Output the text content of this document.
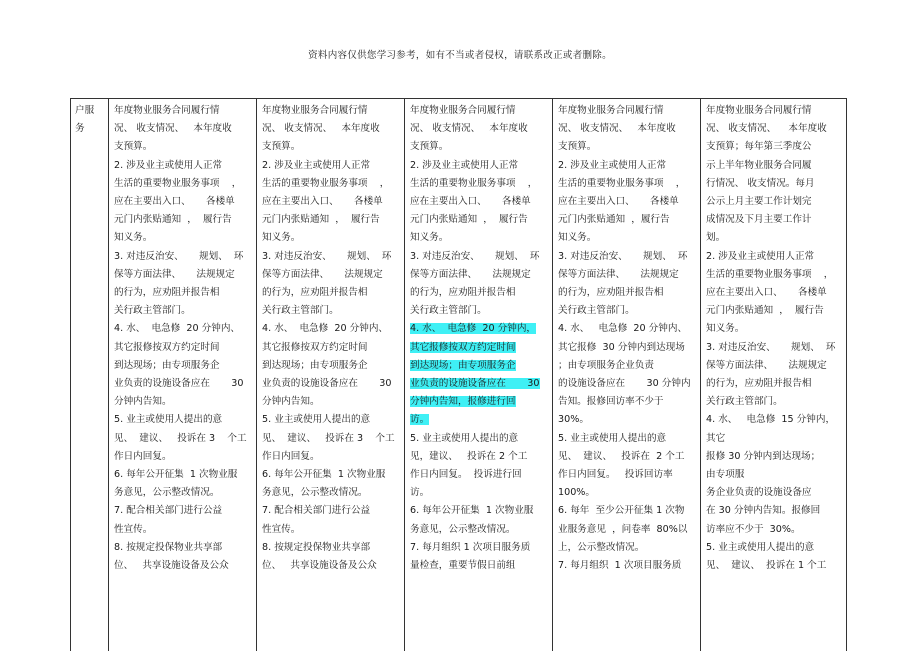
资料内容仅供您学习参考，如有不当或者侵权，请联系改正或者删除。
户服
务

年度物业服务合同履行情
况、 收支情况、   本年度收
支预算。
2. 涉及业主或使用人正常
生活的重要物业服务事项    ，
应在主要出入口、     各楼单
元门内张贴通知  ，  履行告
知义务。
3. 对违反治安、     规划、  环
保等方面法律、     法规规定
的行为，应劝阻并报告相
关行政主管部门。
4. 水、  电急修  20 分钟内、
其它报修按双方约定时间
到达现场；由专项服务企
业负责的设施设备应在       30
分钟内告知。
5. 业主或使用人提出的意
见、  建议、   投诉在 3    个工
作日内回复。
6. 每年公开征集  1 次物业服
务意见，公示整改情况。
7. 配合相关部门进行公益
性宣传。
8. 按规定投保物业共享部
位、   共享设施设备及公众

年度物业服务合同履行情
况、 收支情况、   本年度收
支预算。
2. 涉及业主或使用人正常
生活的重要物业服务事项    ，
应在主要出入口、     各楼单
元门内张贴通知  ，  履行告
知义务。
3. 对违反治安、     规划、  环
保等方面法律、     法规规定
的行为，应劝阻并报告相
关行政主管部门。
4. 水、  电急修  20 分钟内、
其它报修按双方约定时间
到达现场；由专项服务企
业负责的设施设备应在       30
分钟内告知。
5. 业主或使用人提出的意
见、  建议、   投诉在 3    个工
作日内回复。
6. 每年公开征集  1 次物业服
务意见，公示整改情况。
7. 配合相关部门进行公益
性宣传。
8. 按规定投保物业共享部
位、   共享设施设备及公众

年度物业服务合同履行情
况、 收支情况、   本年度收
支预算。
2. 涉及业主或使用人正常
生活的重要物业服务事项    ，
应在主要出入口、     各楼单
元门内张贴通知  ，  履行告
知义务。
3. 对违反治安、     规划、  环
保等方面法律、     法规规定
的行为，应劝阻并报告相
关行政主管部门。
4. 水、  电急修  20 分钟内，
其它报修按双方约定时间
到达现场；由专项服务企
业负责的设施设备应在       30
分钟内告知，报修进行回
访。
5. 业主或使用人提出的意
见，建议、   投诉在 2 个工
作日内回复。  投诉进行回
访。
6. 每年公开征集  1 次物业服
务意见，公示整改情况。
7. 每月组织 1 次项目服务质
量检查，重要节假日前组

年度物业服务合同履行情
况、 收支情况、   本年度收
支预算。
2. 涉及业主或使用人正常
生活的重要物业服务事项    ，
应在主要出入口、     各楼单
元门内张贴通知  ，履行告
知义务。
3. 对违反治安、     规划、  环
保等方面法律、     法规规定
的行为，应劝阻并报告相
关行政主管部门。
4. 水、   电急修  20 分钟内、
其它报修  30 分钟内到达现场
；由专项服务企业负责
的设施设备应在       30 分钟内
告知。报修回访率不少于
30%。
5. 业主或使用人提出的意
见、  建议、   投诉在  2 个工
作日内回复。   投诉回访率
100%。
6. 每年  至少公开征集 1 次物
业服务意见  ，问卷率  80%以
上，公示整改情况。
7. 每月组织  1 次项目服务质

年度物业服务合同履行情
况、 收支情况、    本年度收
支预算；每年第三季度公
示上半年物业服务合同履
行情况、 收支情况。每月
公示上月主要工作计划完
成情况及下月主要工作计
划。
2. 涉及业主或使用人正常
生活的重要物业服务事项    ，
应在主要出入口、     各楼单
元门内张贴通知  ，  履行告
知义务。
3. 对违反治安、     规划、  环
保等方面法律、     法规规定
的行为，应劝阻并报告相
关行政主管部门。
4. 水、   电急修  15 分钟内，
其它
报修 30 分钟内到达现场；
由专项服
务企业负责的设施设备应
在 30 分钟内告知。报修回
访率应不少于  30%。
5. 业主或使用人提出的意
见、  建议、  投诉在 1 个工
